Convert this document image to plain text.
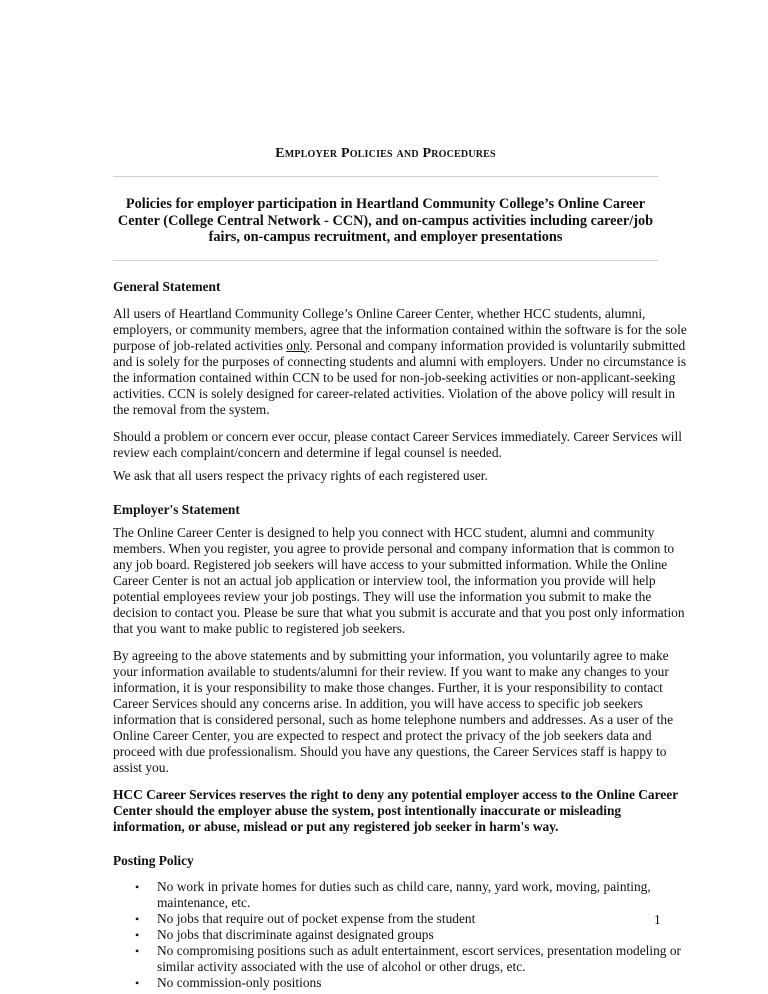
Employer Policies and Procedures
Policies for employer participation in Heartland Community College’s Online Career
Center (College Central Network - CCN), and on-campus activities including career/job
fairs, on-campus recruitment, and employer presentations
General Statement
All users of Heartland Community College’s Online Career Center, whether HCC students, alumni,
employers, or community members, agree that the information contained within the software is for the sole
purpose of job-related activities only. Personal and company information provided is voluntarily submitted
and is solely for the purposes of connecting students and alumni with employers. Under no circumstance is
the information contained within CCN to be used for non-job-seeking activities or non-applicant-seeking
activities. CCN is solely designed for career-related activities. Violation of the above policy will result in
the removal from the system.
Should a problem or concern ever occur, please contact Career Services immediately. Career Services will
review each complaint/concern and determine if legal counsel is needed.
We ask that all users respect the privacy rights of each registered user.
Employer's Statement
The Online Career Center is designed to help you connect with HCC student, alumni and community
members. When you register, you agree to provide personal and company information that is common to
any job board. Registered job seekers will have access to your submitted information. While the Online
Career Center is not an actual job application or interview tool, the information you provide will help
potential employees review your job postings. They will use the information you submit to make the
decision to contact you. Please be sure that what you submit is accurate and that you post only information
that you want to make public to registered job seekers.
By agreeing to the above statements and by submitting your information, you voluntarily agree to make
your information available to students/alumni for their review. If you want to make any changes to your
information, it is your responsibility to make those changes. Further, it is your responsibility to contact
Career Services should any concerns arise. In addition, you will have access to specific job seekers
information that is considered personal, such as home telephone numbers and addresses. As a user of the
Online Career Center, you are expected to respect and protect the privacy of the job seekers data and
proceed with due professionalism. Should you have any questions, the Career Services staff is happy to
assist you.
HCC Career Services reserves the right to deny any potential employer access to the Online Career
Center should the employer abuse the system, post intentionally inaccurate or misleading
information, or abuse, mislead or put any registered job seeker in harm's way.
Posting Policy
• No work in private homes for duties such as child care, nanny, yard work, moving, painting,
maintenance, etc.
• No jobs that require out of pocket expense from the student
• No jobs that discriminate against designated groups
• No compromising positions such as adult entertainment, escort services, presentation modeling or
similar activity associated with the use of alcohol or other drugs, etc.
• No commission-only positions
1
